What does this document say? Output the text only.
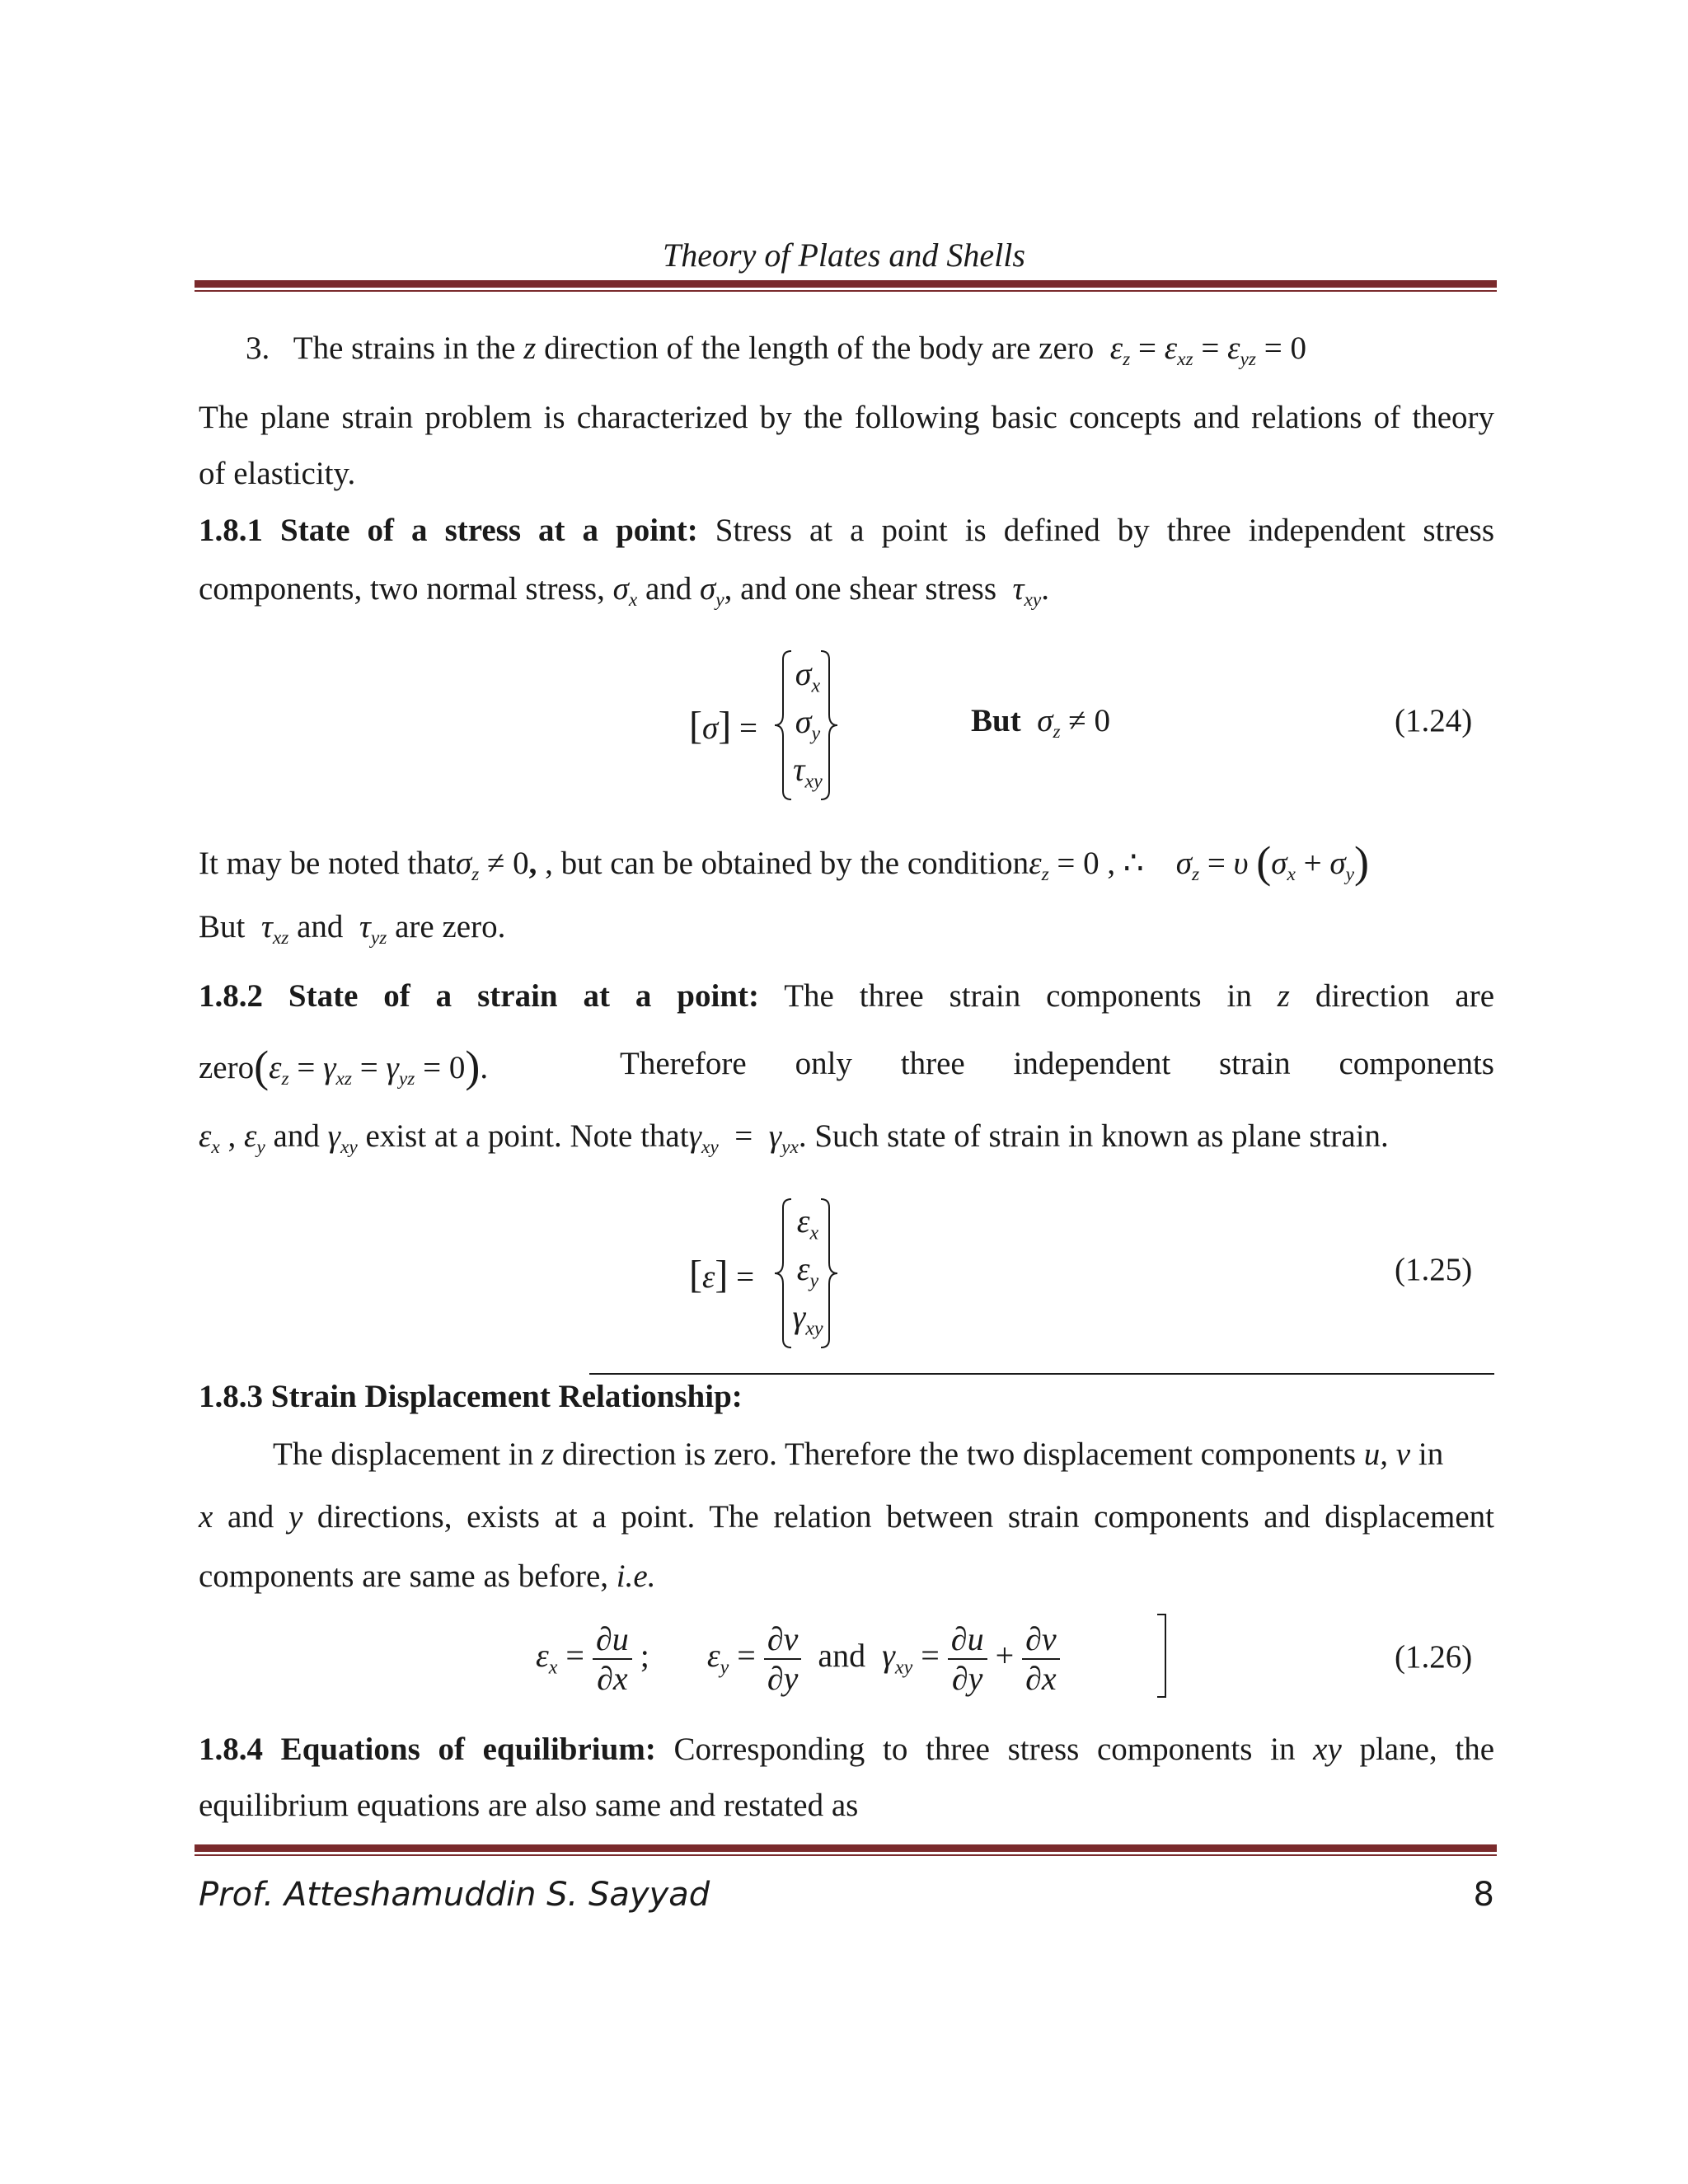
Theory of Plates and Shells
3. The strains in the z direction of the length of the body are zero  $\varepsilon_z = \varepsilon_{xz} = \varepsilon_{yz} = 0$
The plane strain problem is characterized by the following basic concepts and relations of theory
of elasticity.
1.8.1 State of a stress at a point: Stress at a point is defined by three independent stress
components, two normal stress, $\sigma_x$ and $\sigma_y$, and one shear stress  $\tau_{xy}$.
[σ] =
$\sigma_x$
$\sigma_y$
$\tau_{xy}$
But  $\sigma_z \ne 0$	(1.24)
It may be noted thatσ$_z$ ≠ 0, , but can be obtained by the conditionε$_z$ = 0 , ∴    $\sigma_z = \upsilon$ $(\sigma_x + \sigma_y)$
But  $\tau_{xz}$ and  $\tau_{yz}$ are zero.
1.8.2 State of a strain at a point: The three strain components in z direction are
$zero(\varepsilon_z = \gamma_{xz} = \gamma_{yz} = 0)$.	Therefore only three independent strain components
$\varepsilon_x$ , $\varepsilon_y$ and $\gamma_{xy}$ exist at a point. Note thatγ$_{xy}$ =  $\gamma_{yx}$. Such state of strain in known as plane strain.
[ε] =
$\varepsilon_x$
$\varepsilon_y$
$\gamma_{xy}$
(1.25)
1.8.3 Strain Displacement Relationship:
The displacement in z direction is zero. Therefore the two displacement components u, v in
x and y directions, exists at a point. The relation between strain components and displacement
components are same as before, i.e.
$\varepsilon_x = \frac{\partial u}{\partial x}$ ;       $\varepsilon_y = \frac{\partial v}{\partial y}$ and  $\gamma_{xy} = \frac{\partial u}{\partial y} + \frac{\partial v}{\partial x}$	(1.26)
1.8.4 Equations of equilibrium: Corresponding to three stress components in xy plane, the
equilibrium equations are also same and restated as
Prof. Atteshamuddin S. Sayyad	8
